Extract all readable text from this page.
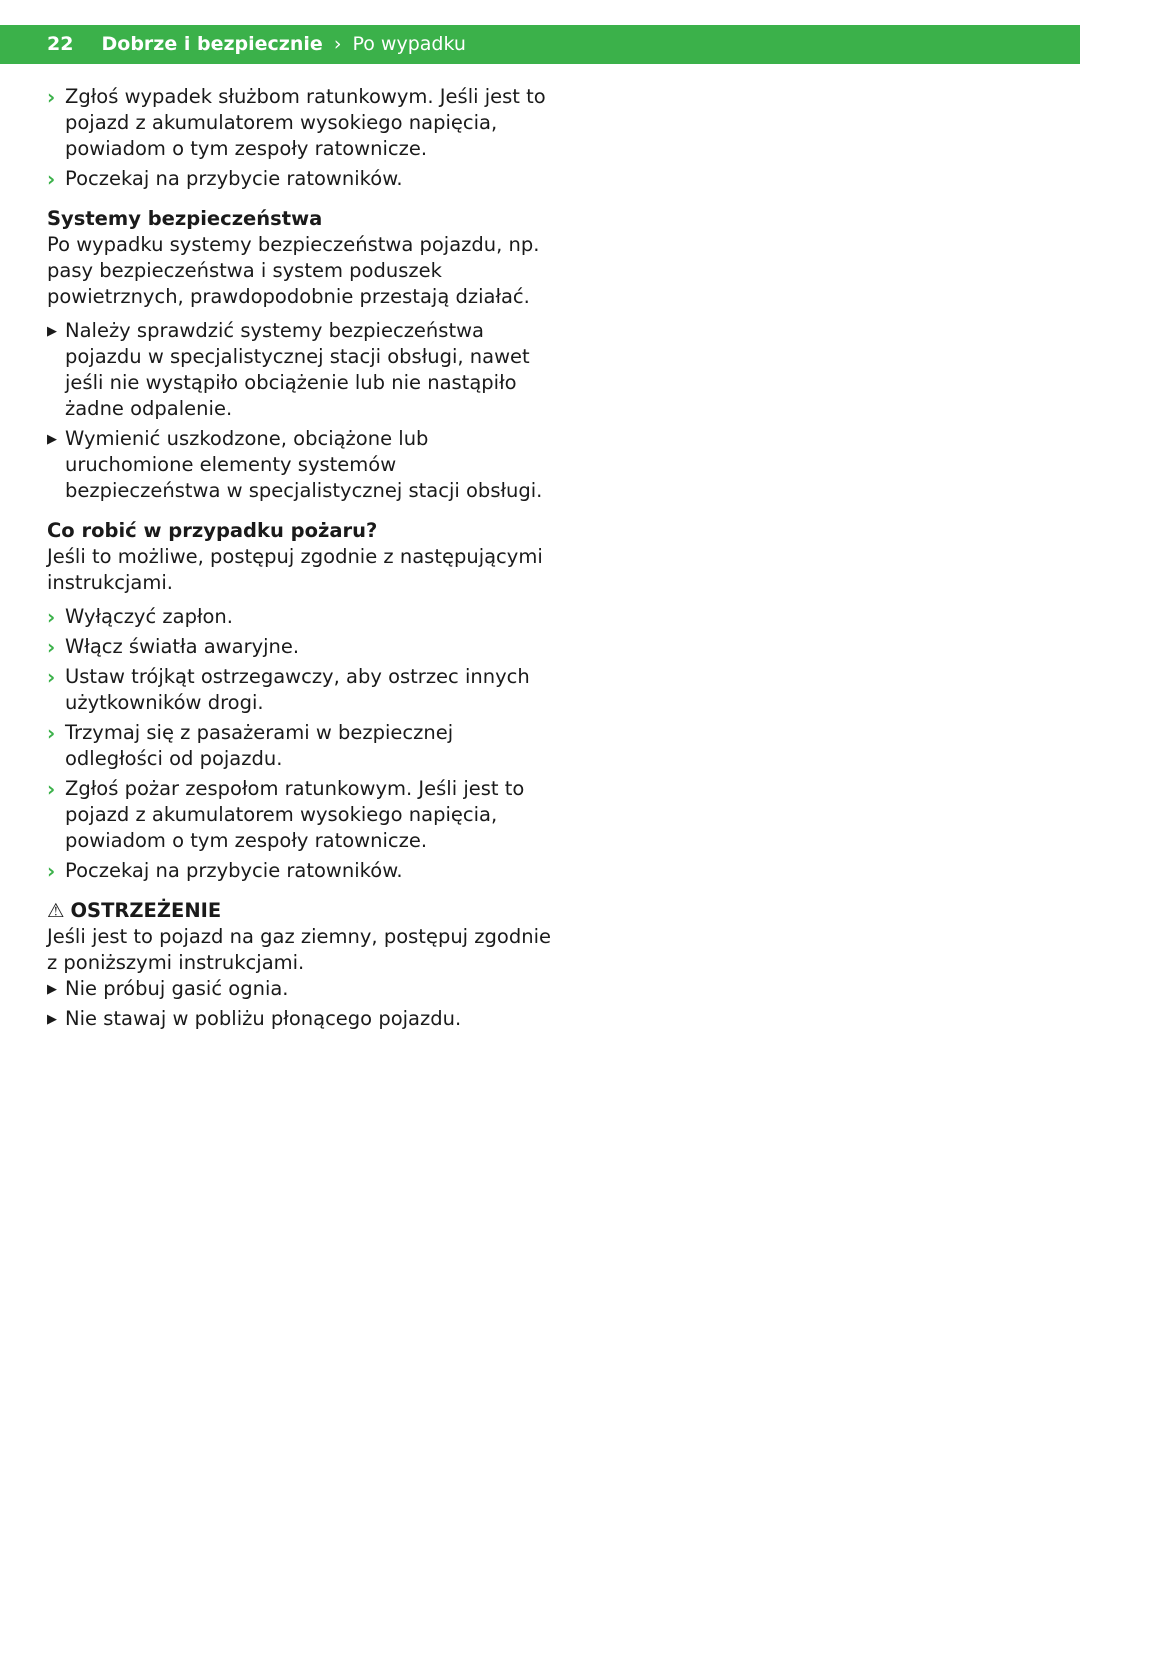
22 Dobrze i bezpiecznie › Po wypadku
› Zgłoś wypadek służbom ratunkowym. Jeśli jest to pojazd z akumulatorem wysokiego napięcia, powiadom o tym zespoły ratownicze.
› Poczekaj na przybycie ratowników.
Systemy bezpieczeństwa

Po wypadku systemy bezpieczeństwa pojazdu, np. pasy bezpieczeństwa i system poduszek powietrznych, prawdopodobnie przestają działać.

▶ Należy sprawdzić systemy bezpieczeństwa pojazdu w specjalistycznej stacji obsługi, nawet jeśli nie wystąpiło obciążenie lub nie nastąpiło żadne odpalenie.
▶ Wymienić uszkodzone, obciążone lub uruchomione elementy systemów bezpieczeństwa w specjalistycznej stacji obsługi.
Co robić w przypadku pożaru?

Jeśli to możliwe, postępuj zgodnie z następującymi instrukcjami.

› Wyłączyć zapłon.
› Włącz światła awaryjne.
› Ustaw trójkąt ostrzegawczy, aby ostrzec innych użytkowników drogi.
› Trzymaj się z pasażerami w bezpiecznej odległości od pojazdu.
› Zgłoś pożar zespołom ratunkowym. Jeśli jest to pojazd z akumulatorem wysokiego napięcia, powiadom o tym zespoły ratownicze.
› Poczekaj na przybycie ratowników.
⚠ OSTRZEŻENIE
Jeśli jest to pojazd na gaz ziemny, postępuj zgodnie z poniższymi instrukcjami.
▶ Nie próbuj gasić ognia.
▶ Nie stawaj w pobliżu płonącego pojazdu.
